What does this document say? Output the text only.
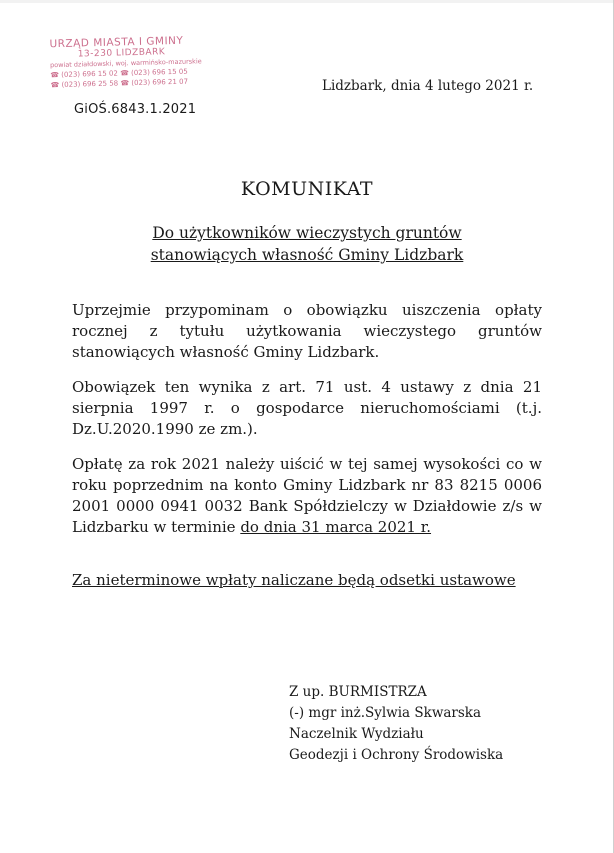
URZĄD MIASTA I GMINY
13-230 LIDZBARK
powiat działdowski, woj. warmińsko-mazurskie
☎ (023) 696 15 02 ☎ (023) 696 15 05
☎ (023) 696 25 58 ☎ (023) 696 21 07
GiOŚ.6843.1.2021
Lidzbark, dnia 4 lutego 2021 r.
KOMUNIKAT
Do użytkowników wieczystych gruntów
stanowiących własność Gminy Lidzbark
Uprzejmie przypominam o obowiązku uiszczenia opłaty rocznej z tytułu użytkowania wieczystego gruntów stanowiących własność Gminy Lidzbark.
Obowiązek ten wynika z art. 71 ust. 4 ustawy z dnia 21 sierpnia 1997 r. o gospodarce nieruchomościami (t.j. Dz.U.2020.1990 ze zm.).
Opłatę za rok 2021 należy uiścić w tej samej wysokości co w roku poprzednim na konto Gminy Lidzbark nr 83 8215 0006 2001 0000 0941 0032 Bank Spółdzielczy w Działdowie z/s w Lidzbarku w terminie do dnia 31 marca 2021 r.
Za nieterminowe wpłaty naliczane będą odsetki ustawowe
Z up. BURMISTRZA
(-) mgr inż.Sylwia Skwarska
Naczelnik Wydziału
Geodezji i Ochrony Środowiska
